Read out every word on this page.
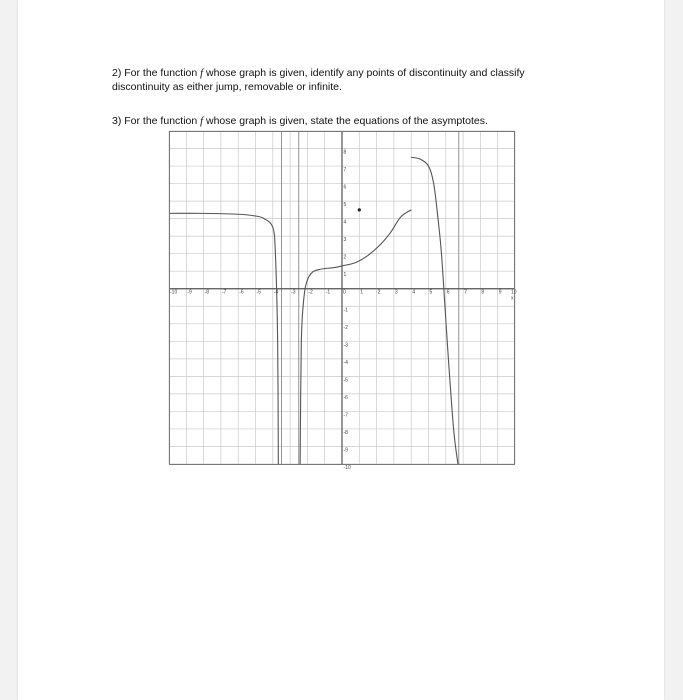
2) For the function f whose graph is given, identify any points of discontinuity and classify discontinuity as either jump, removable or infinite.
3) For the function f whose graph is given, state the equations of the asymptotes.
-10 -9	-8	-7	-6	-5	-4	-3	-2	-1	0	1	2	3	4	5	6	7	8	9 10
x
-10
-9
-8
-7
-6
-5
-4
-3
-2
-1
1
2
3
4
5
6
7
8
